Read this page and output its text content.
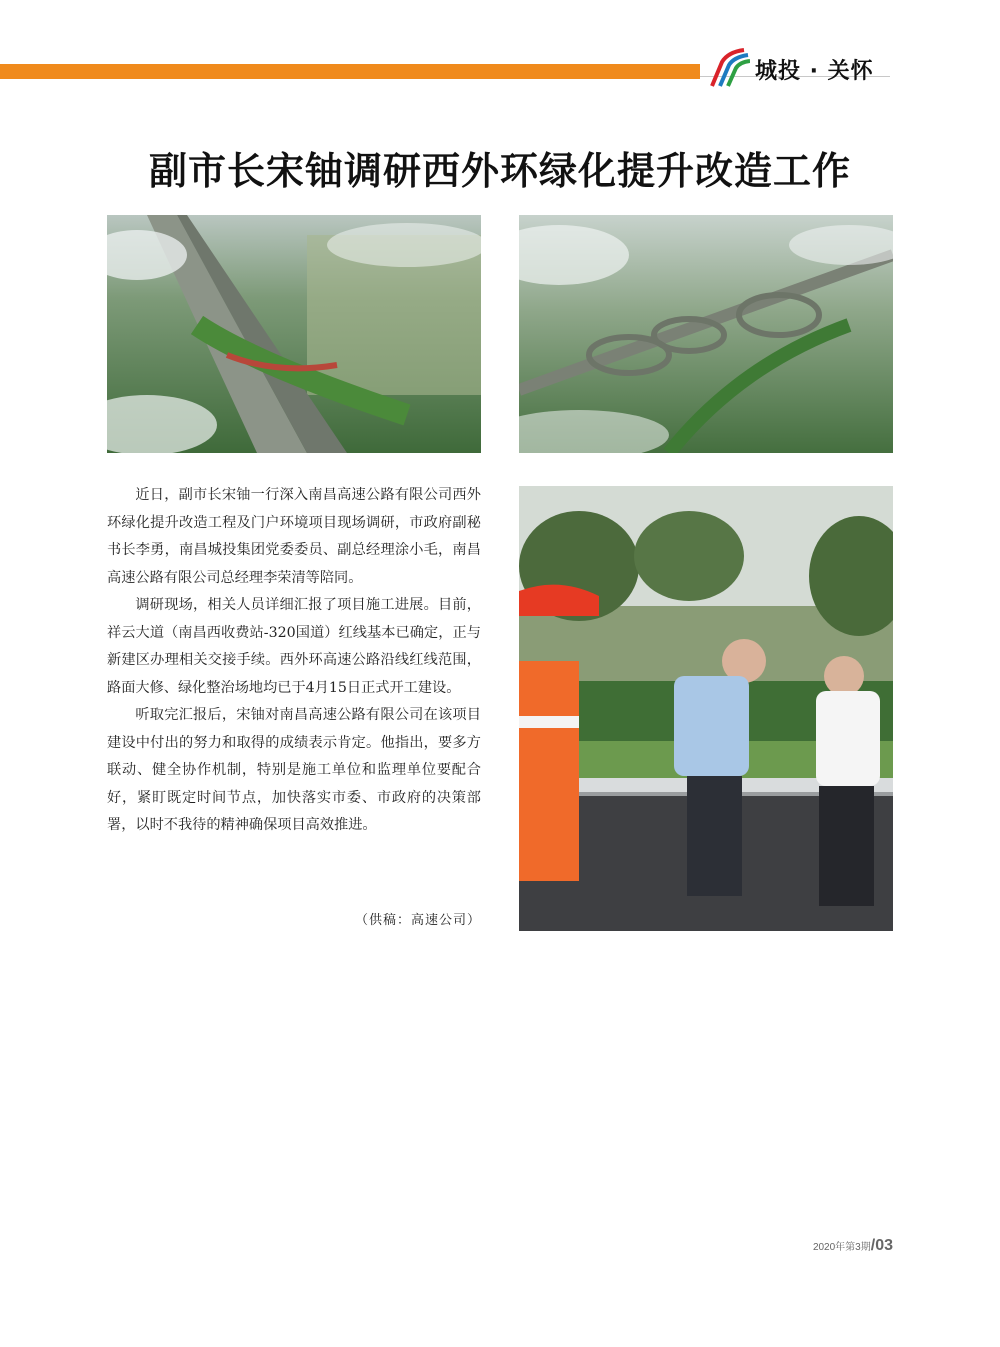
城投 · 关怀
副市长宋铀调研西外环绿化提升改造工作

近日，副市长宋铀一行深入南昌高速公路有限公司西外环绿化提升改造工程及门户环境项目现场调研，市政府副秘书长李勇，南昌城投集团党委委员、副总经理涂小毛，南昌高速公路有限公司总经理李荣清等陪同。

调研现场，相关人员详细汇报了项目施工进展。目前，祥云大道（南昌西收费站-320国道）红线基本已确定，正与新建区办理相关交接手续。西外环高速公路沿线红线范围，路面大修、绿化整治场地均已于4月15日正式开工建设。

听取完汇报后，宋铀对南昌高速公路有限公司在该项目建设中付出的努力和取得的成绩表示肯定。他指出，要多方联动、健全协作机制，特别是施工单位和监理单位要配合好，紧盯既定时间节点，加快落实市委、市政府的决策部署，以时不我待的精神确保项目高效推进。

（供稿：高速公司）
2020年第3期/03
